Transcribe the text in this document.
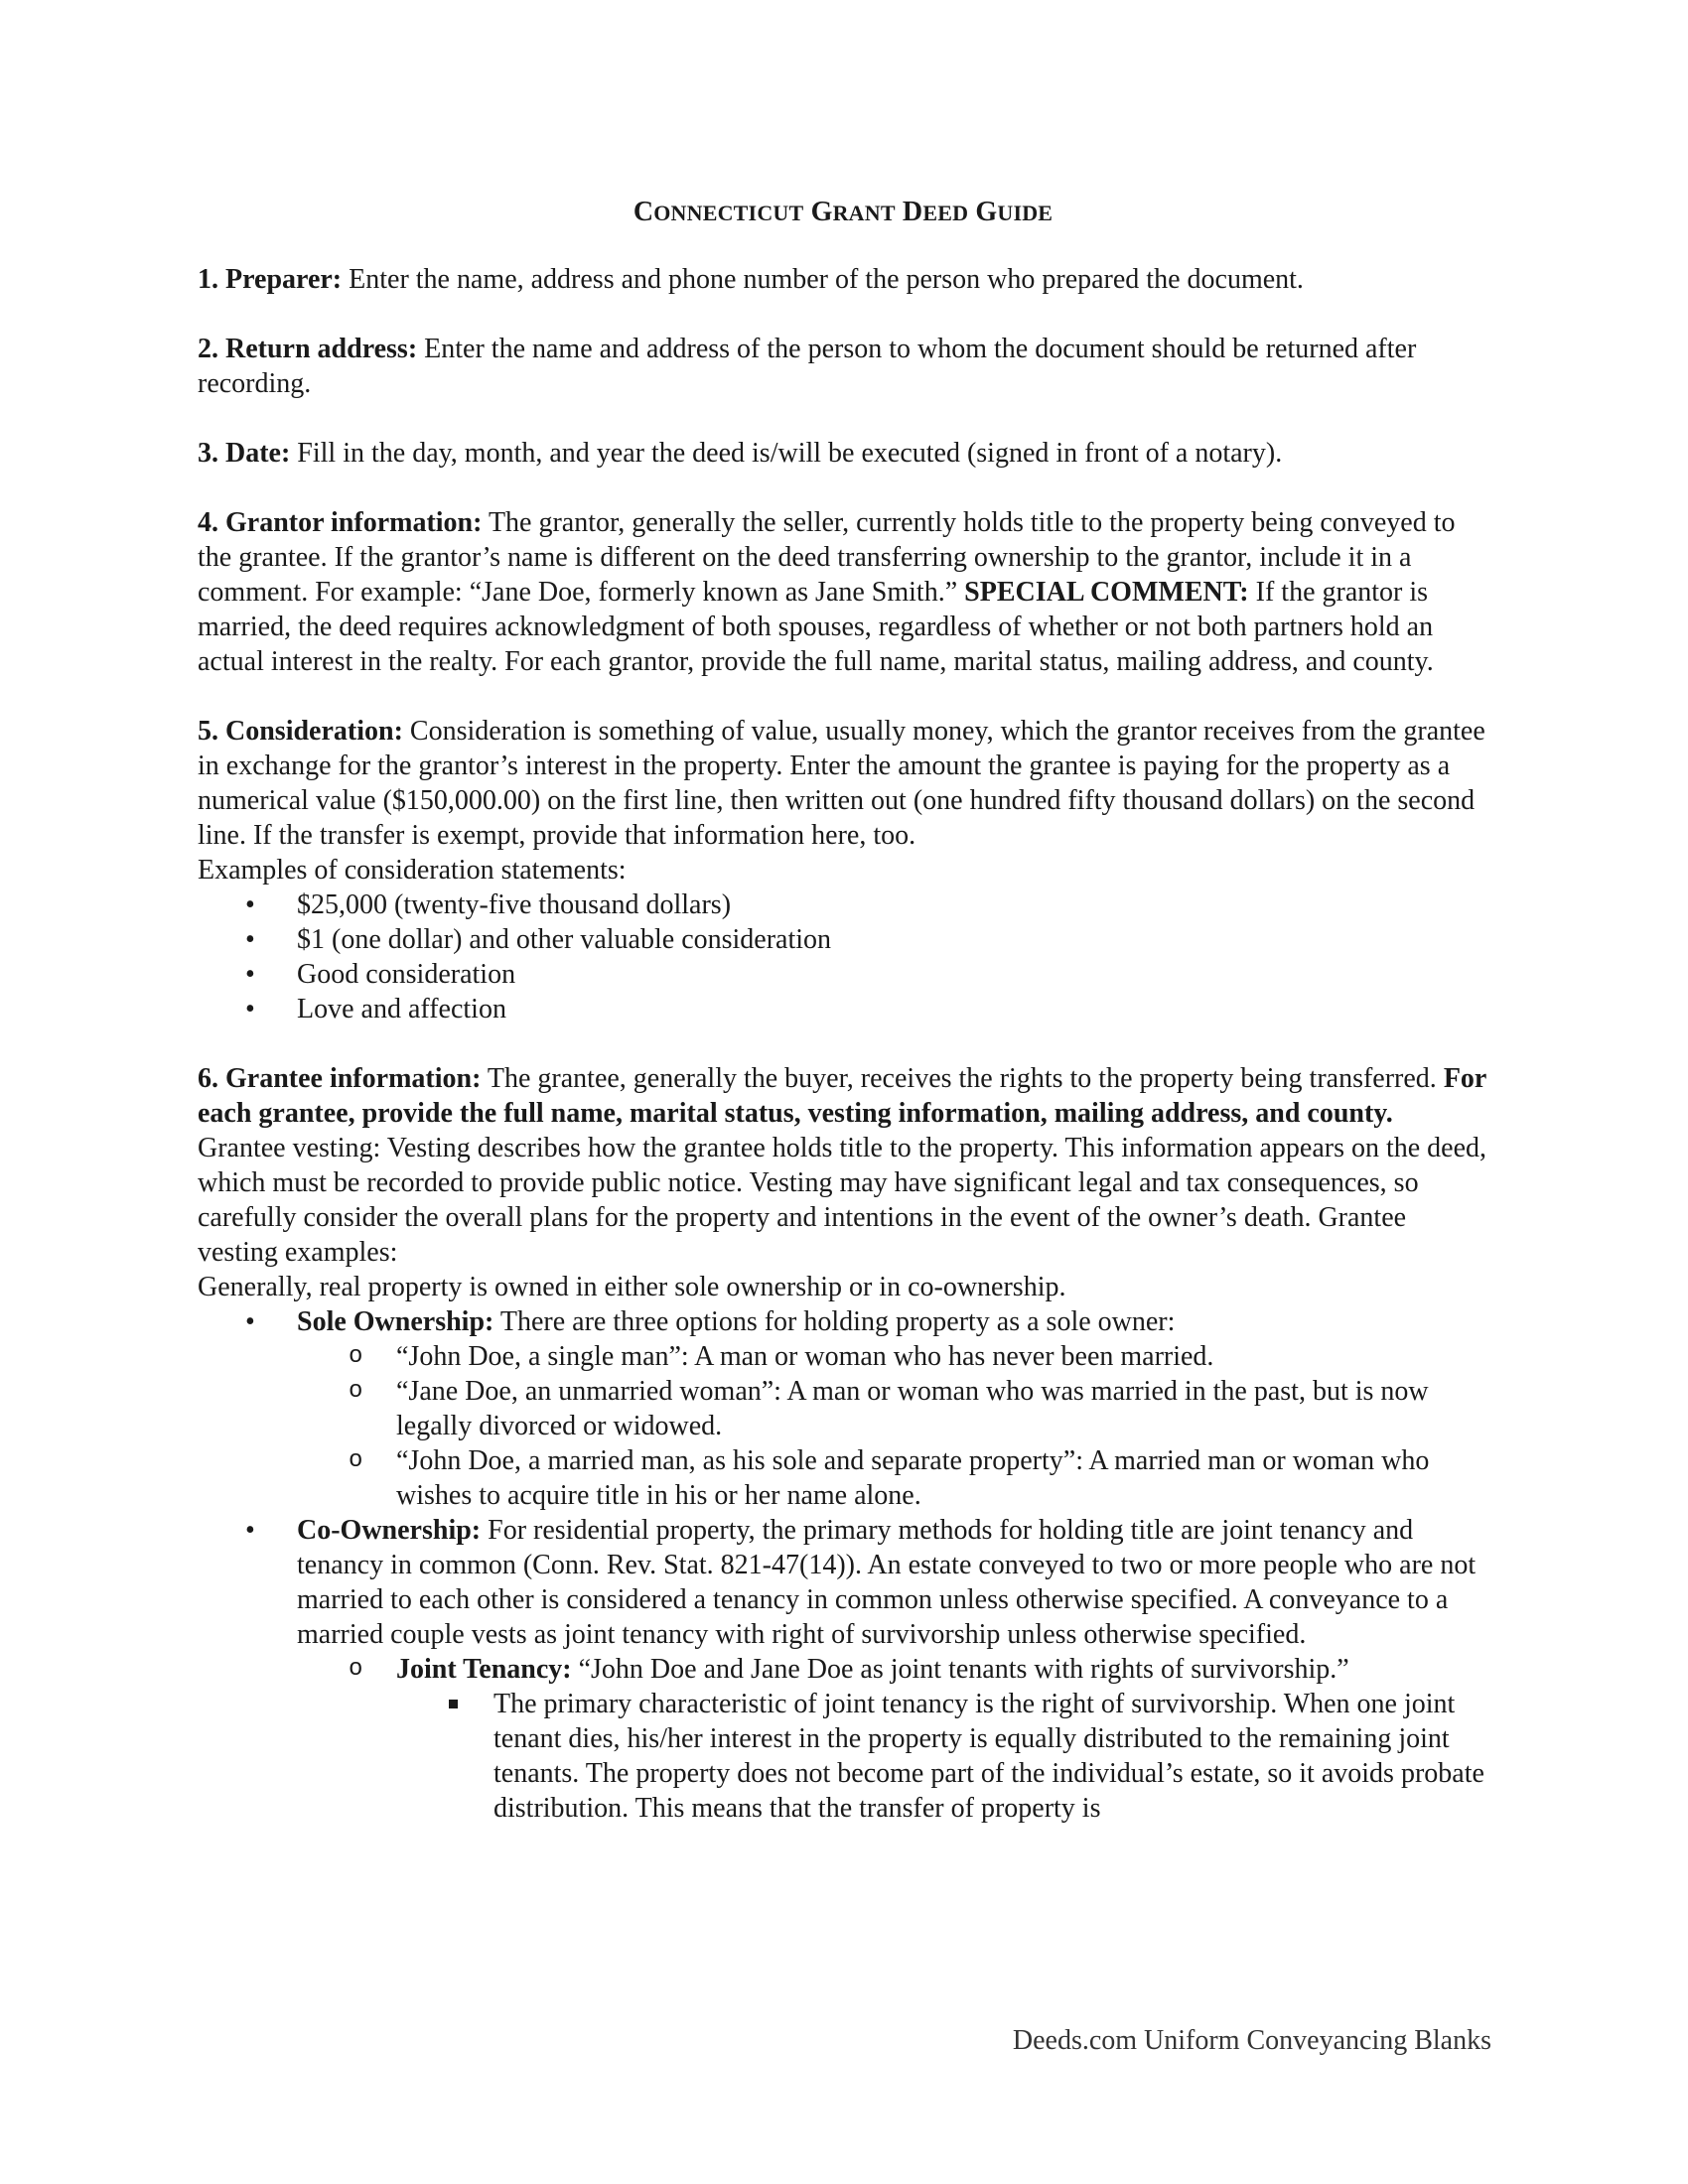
CONNECTICUT GRANT DEED GUIDE

1. Preparer: Enter the name, address and phone number of the person who prepared the document.

2. Return address: Enter the name and address of the person to whom the document should be returned after recording.

3. Date: Fill in the day, month, and year the deed is/will be executed (signed in front of a notary).

4. Grantor information: The grantor, generally the seller, currently holds title to the property being conveyed to the grantee. If the grantor’s name is different on the deed transferring ownership to the grantor, include it in a comment. For example: “Jane Doe, formerly known as Jane Smith.” SPECIAL COMMENT: If the grantor is married, the deed requires acknowledgment of both spouses, regardless of whether or not both partners hold an actual interest in the realty. For each grantor, provide the full name, marital status, mailing address, and county.

5. Consideration: Consideration is something of value, usually money, which the grantor receives from the grantee in exchange for the grantor’s interest in the property. Enter the amount the grantee is paying for the property as a numerical value ($150,000.00) on the first line, then written out (one hundred fifty thousand dollars) on the second line. If the transfer is exempt, provide that information here, too.

Examples of consideration statements:

• $25,000 (twenty-five thousand dollars)
• $1 (one dollar) and other valuable consideration
• Good consideration
• Love and affection

6. Grantee information: The grantee, generally the buyer, receives the rights to the property being transferred. For each grantee, provide the full name, marital status, vesting information, mailing address, and county.

Grantee vesting: Vesting describes how the grantee holds title to the property. This information appears on the deed, which must be recorded to provide public notice. Vesting may have significant legal and tax consequences, so carefully consider the overall plans for the property and intentions in the event of the owner’s death. Grantee vesting examples:

Generally, real property is owned in either sole ownership or in co-ownership.

• Sole Ownership: There are three options for holding property as a sole owner:
o “John Doe, a single man”: A man or woman who has never been married.
o “Jane Doe, an unmarried woman”: A man or woman who was married in the past, but is now legally divorced or widowed.
o “John Doe, a married man, as his sole and separate property”: A married man or woman who wishes to acquire title in his or her name alone.
• Co-Ownership: For residential property, the primary methods for holding title are joint tenancy and tenancy in common (Conn. Rev. Stat. 821-47(14)). An estate conveyed to two or more people who are not married to each other is considered a tenancy in common unless otherwise specified. A conveyance to a married couple vests as joint tenancy with right of survivorship unless otherwise specified.
o Joint Tenancy: “John Doe and Jane Doe as joint tenants with rights of survivorship.”
The primary characteristic of joint tenancy is the right of survivorship. When one joint tenant dies, his/her interest in the property is equally distributed to the remaining joint tenants. The property does not become part of the individual’s estate, so it avoids probate distribution. This means that the transfer of property is
Deeds.com Uniform Conveyancing Blanks
